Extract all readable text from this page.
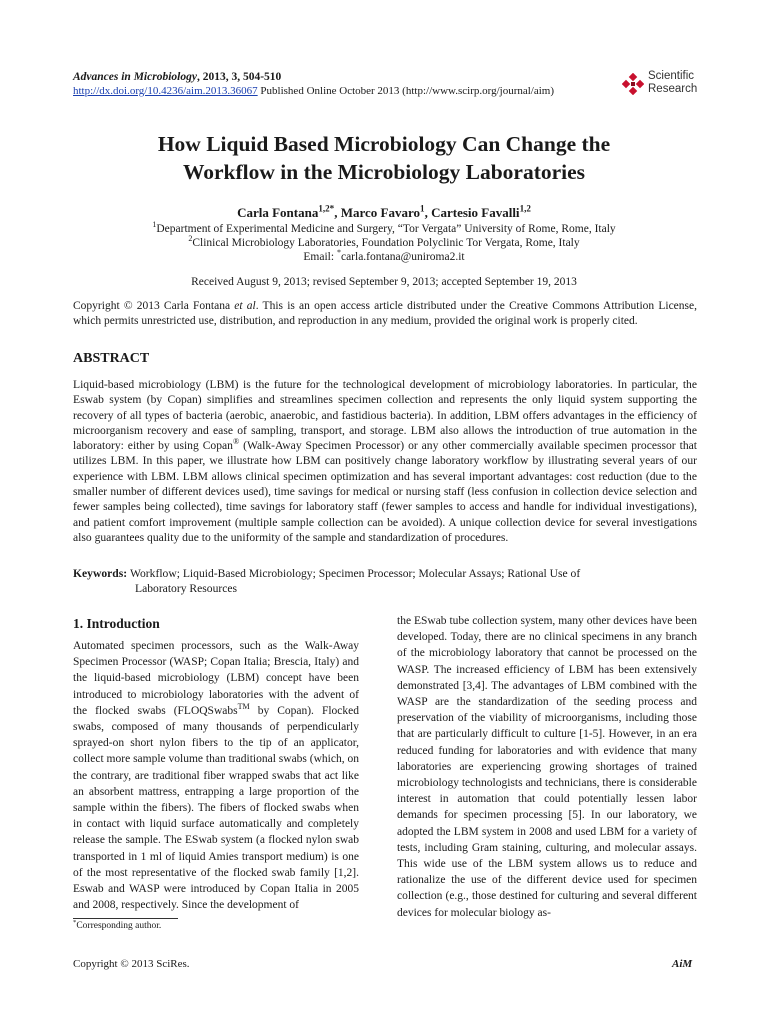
Advances in Microbiology, 2013, 3, 504-510
http://dx.doi.org/10.4236/aim.2013.36067 Published Online October 2013 (http://www.scirp.org/journal/aim)
Scientific
Research
How Liquid Based Microbiology Can Change the
Workflow in the Microbiology Laboratories
Carla Fontana$^{1,2*}$, Marco Favaro$^1$, Cartesio Favalli$^{1,2}$
$^1$Department of Experimental Medicine and Surgery, “Tor Vergata” University of Rome, Rome, Italy
$^2$Clinical Microbiology Laboratories, Foundation Polyclinic Tor Vergata, Rome, Italy
Email: *carla.fontana@uniroma2.it
Received August 9, 2013; revised September 9, 2013; accepted September 19, 2013
Copyright © 2013 Carla Fontana et al. This is an open access article distributed under the Creative Commons Attribution License, which permits unrestricted use, distribution, and reproduction in any medium, provided the original work is properly cited.
ABSTRACT
Liquid-based microbiology (LBM) is the future for the technological development of microbiology laboratories. In particular, the Eswab system (by Copan) simplifies and streamlines specimen collection and represents the only liquid system supporting the recovery of all types of bacteria (aerobic, anaerobic, and fastidious bacteria). In addition, LBM offers advantages in the efficiency of microorganism recovery and ease of sampling, transport, and storage. LBM also allows the introduction of true automation in the laboratory: either by using Copan® (Walk-Away Specimen Processor) or any other commercially available specimen processor that utilizes LBM. In this paper, we illustrate how LBM can positively change laboratory workflow by illustrating several years of our experience with LBM. LBM allows clinical specimen optimization and has several important advantages: cost reduction (due to the smaller number of different devices used), time savings for medical or nursing staff (less confusion in collection device selection and fewer samples being collected), time savings for laboratory staff (fewer samples to access and handle for individual investigations), and patient comfort improvement (multiple sample collection can be avoided). A unique collection device for several investigations also guarantees quality due to the uniformity of the sample and standardization of procedures.
Keywords: Workflow; Liquid-Based Microbiology; Specimen Processor; Molecular Assays; Rational Use of
Laboratory Resources
1. Introduction
Automated specimen processors, such as the Walk-Away Specimen Processor (WASP; Copan Italia; Brescia, Italy) and the liquid-based microbiology (LBM) concept have been introduced to microbiology laboratories with the advent of the flocked swabs (FLOQSwabs™ by Copan). Flocked swabs, composed of many thousands of perpendicularly sprayed-on short nylon fibers to the tip of an applicator, collect more sample volume than traditional swabs (which, on the contrary, are traditional fiber wrapped swabs that act like an absorbent mattress, entrapping a large proportion of the sample within the fibers). The fibers of flocked swabs when in contact with liquid surface automatically and completely release the sample. The ESwab system (a flocked nylon swab transported in 1 ml of liquid Amies transport medium) is one of the most representative of the flocked swab family [1,2]. Eswab and WASP were introduced by Copan Italia in 2005 and 2008, respectively. Since the development of
the ESwab tube collection system, many other devices have been developed. Today, there are no clinical specimens in any branch of the microbiology laboratory that cannot be processed on the WASP. The increased efficiency of LBM has been extensively demonstrated [3,4]. The advantages of LBM combined with the WASP are the standardization of the seeding process and preservation of the viability of microorganisms, including those that are particularly difficult to culture [1-5]. However, in an era reduced funding for laboratories and with evidence that many laboratories are experiencing growing shortages of trained microbiology technologists and technicians, there is considerable interest in automation that could potentially lessen labor demands for specimen processing [5]. In our laboratory, we adopted the LBM system in 2008 and used LBM for a variety of tests, including Gram staining, culturing, and molecular assays. This wide use of the LBM system allows us to reduce and rationalize the use of the different device used for specimen collection (e.g., those destined for culturing and several different devices for molecular biology as-
*Corresponding author.
Copyright © 2013 SciRes.	AiM
